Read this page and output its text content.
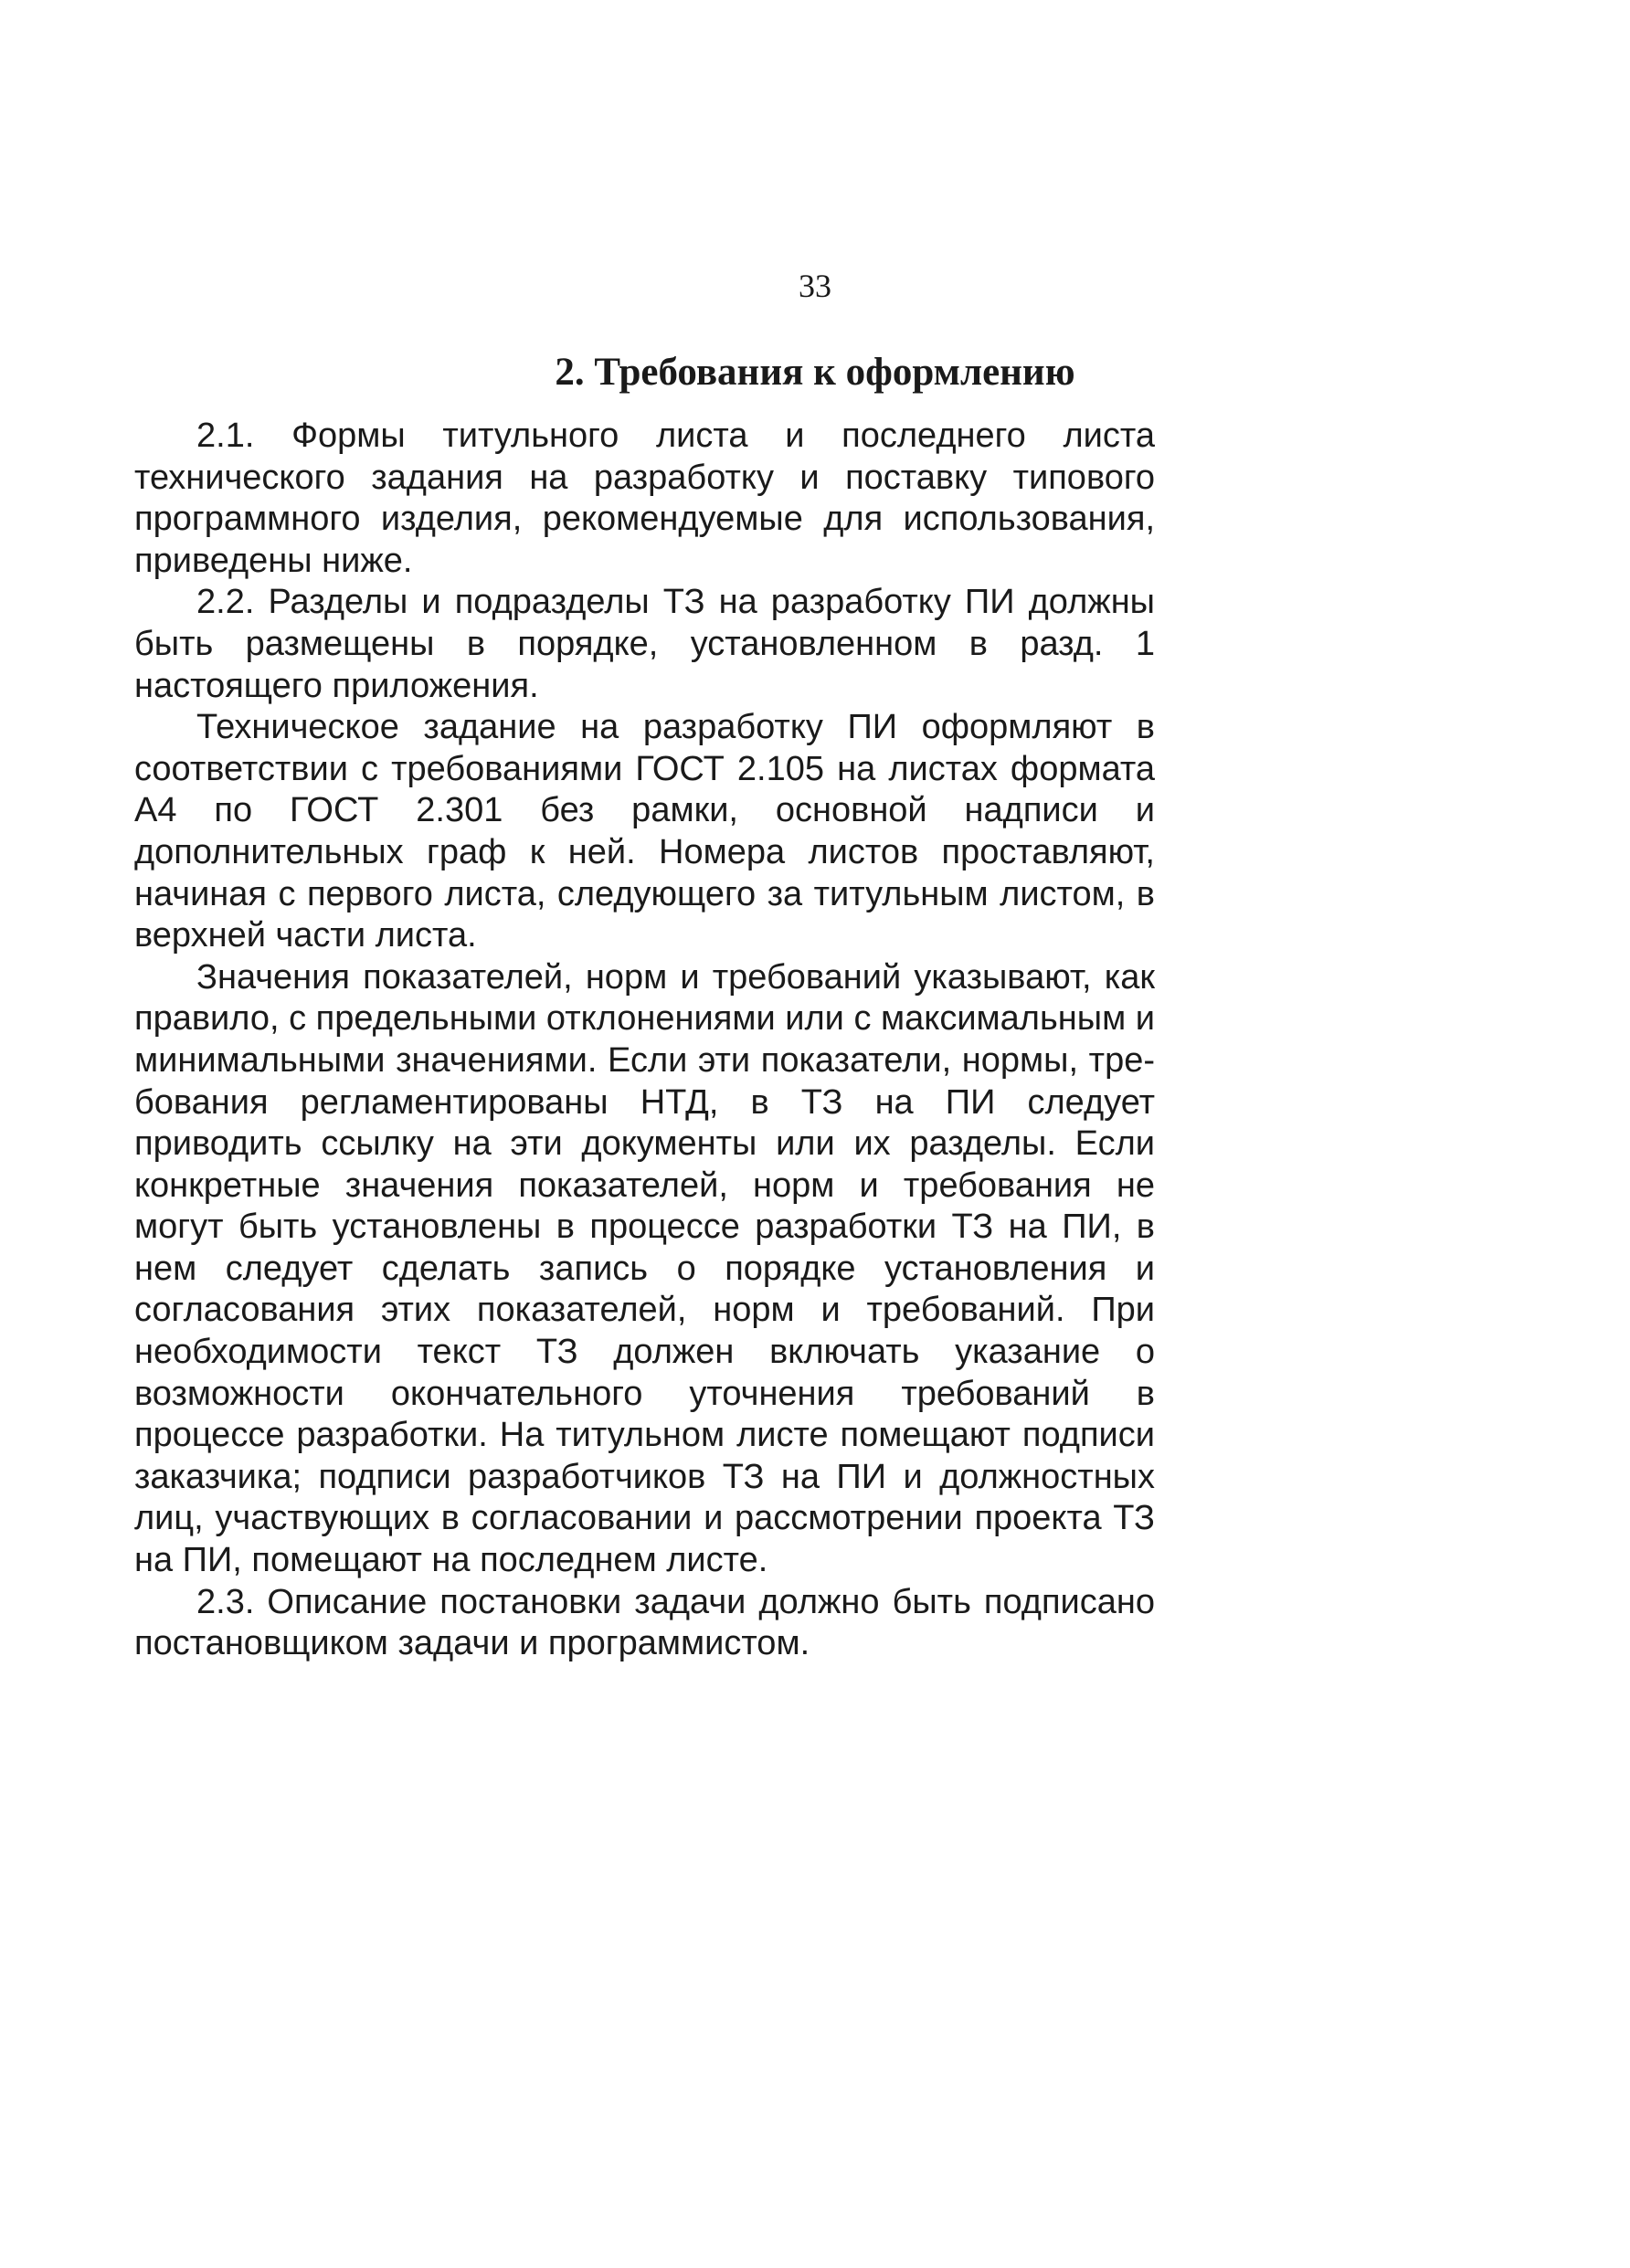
33
2. Требования к оформлению

2.1. Формы титульного листа и последнего листа технического задания на разработку и поставку типового программного изделия, рекомендуемые для использования, приведены ниже.

2.2. Разделы и подразделы ТЗ на разработку ПИ должны быть размещены в порядке, установленном в разд. 1 настоящего приложения.

Техническое задание на разработку ПИ оформляют в соответствии с требованиями ГОСТ 2.105 на листах формата А4 по ГОСТ 2.301 без рамки, основной надписи и дополнительных граф к ней. Номера листов проставляют, начиная с первого листа, следующего за титульным листом, в верхней части листа.

Значения показателей, норм и требований указывают, как правило, с предельными отклонениями или с максимальным и минимальными значениями. Если эти показатели, нормы, требования регламентированы НТД, в ТЗ на ПИ следует приводить ссылку на эти документы или их разделы. Если конкретные значения показателей, норм и требования не могут быть установлены в процессе разработки ТЗ на ПИ, в нем следует сделать запись о порядке установления и согласования этих показателей, норм и требований. При необходимости текст ТЗ должен включать указание о возможности окончательного уточнения требований в процессе разработки. На титульном листе помещают подписи заказчика; подписи разработчиков ТЗ на ПИ и должностных лиц, участвующих в согласовании и рассмотрении проекта ТЗ на ПИ, помещают на последнем листе.

2.3. Описание постановки задачи должно быть подписано постановщиком задачи и программистом.
